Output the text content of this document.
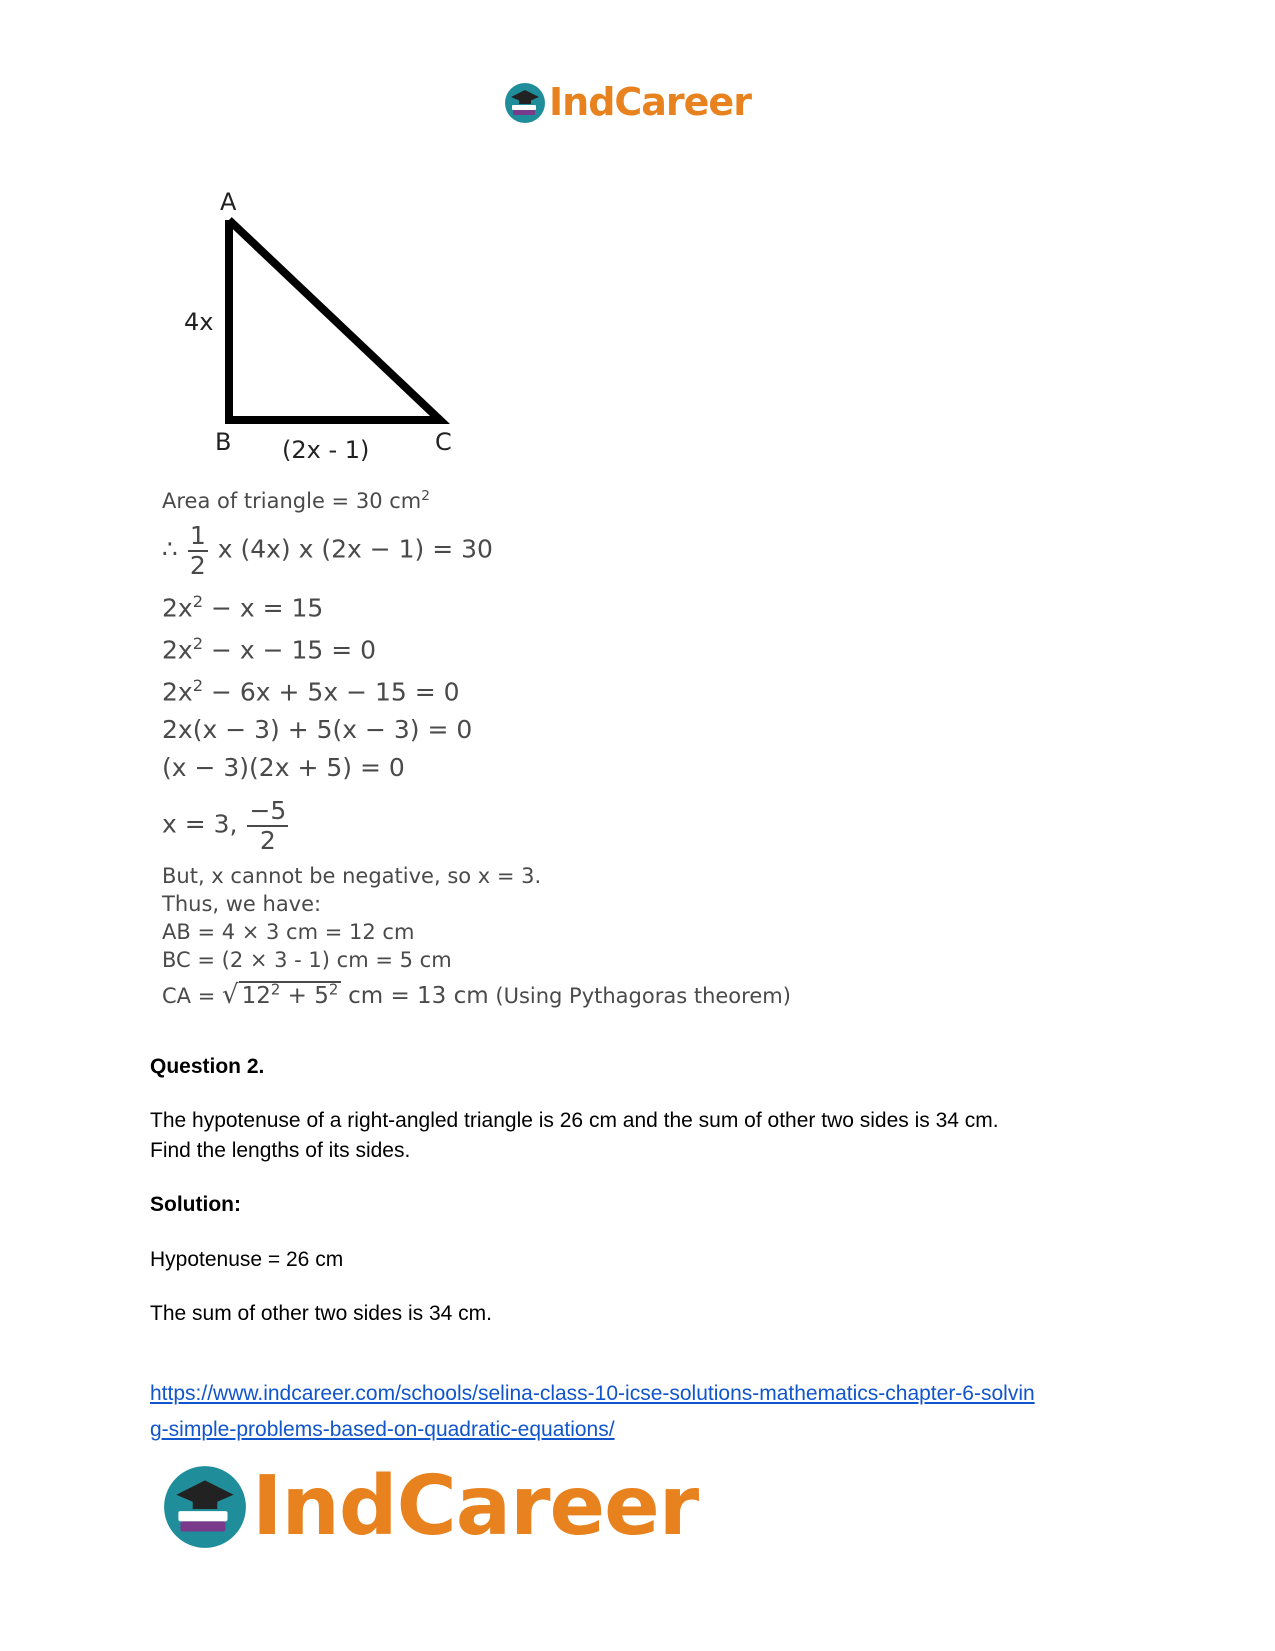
IndCareer
A
B	C
4x
(2x - 1)
Area of triangle = 30 $cm^2$
∴ $\frac{1}{2}$ x (4x) x (2x − 1) = 30
$2x^2 - x = 15$
$2x^2 - x - 15 = 0$
$2x^2 - 6x + 5x - 15 = 0$
2x(x − 3) + 5(x − 3) = 0
(x − 3)(2x + 5) = 0
x = 3, $\frac{-5}{2}$
But, x cannot be negative, so x = 3.
Thus, we have:
AB = 4 × 3 cm = 12 cm
BC = (2 × 3 - 1) cm = 5 cm
CA = √ $12^2 + 5^2$ cm = 13 cm (Using Pythagoras theorem)
Question 2.
The hypotenuse of a right-angled triangle is 26 cm and the sum of other two sides is 34 cm.
Find the lengths of its sides.
Solution:
Hypotenuse = 26 cm
The sum of other two sides is 34 cm.
https://www.indcareer.com/schools/selina-class-10-icse-solutions-mathematics-chapter-6-solvin
g-simple-problems-based-on-quadratic-equations/
IndCareer
